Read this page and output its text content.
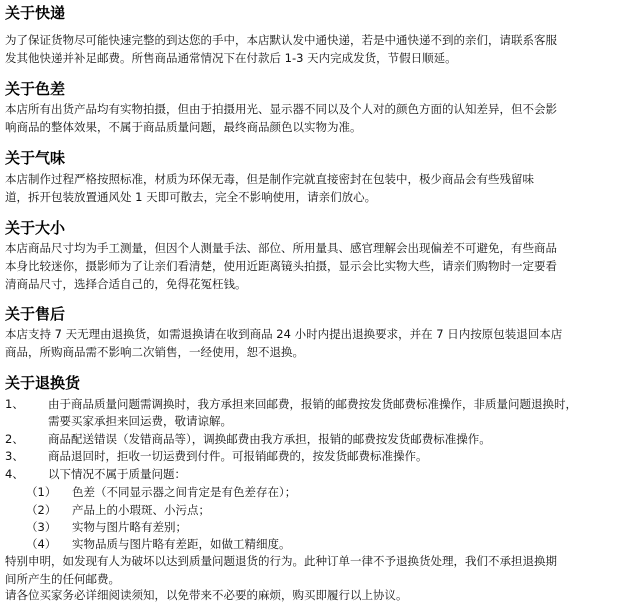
关于快递
为了保证货物尽可能快速完整的到达您的手中，本店默认发中通快递，若是中通快递不到的亲们，请联系客服
发其他快递并补足邮费。所售商品通常情况下在付款后 1-3 天内完成发货，节假日顺延。
关于色差
本店所有出货产品均有实物拍摄，但由于拍摄用光、显示器不同以及个人对的颜色方面的认知差异，但不会影
响商品的整体效果，不属于商品质量问题，最终商品颜色以实物为准。
关于气味
本店制作过程严格按照标准，材质为环保无毒，但是制作完就直接密封在包装中，极少商品会有些残留味
道，拆开包装放置通风处 1 天即可散去，完全不影响使用，请亲们放心。
关于大小
本店商品尺寸均为手工测量，但因个人测量手法、部位、所用量具、感官理解会出现偏差不可避免，有些商品
本身比较迷你，摄影师为了让亲们看清楚，使用近距离镜头拍摄，显示会比实物大些，请亲们购物时一定要看
清商品尺寸，选择合适自己的，免得花冤枉钱。
关于售后
本店支持 7 天无理由退换货，如需退换请在收到商品 24 小时内提出退换要求，并在 7 日内按原包装退回本店
商品，所购商品需不影响二次销售，一经使用，恕不退换。
关于退换货
1、 由于商品质量问题需调换时，我方承担来回邮费，报销的邮费按发货邮费标准操作，非质量问题退换时，
需要买家承担来回运费，敬请谅解。
2、 商品配送错误（发错商品等），调换邮费由我方承担，报销的邮费按发货邮费标准操作。
3、 商品退回时，拒收一切运费到付件。可报销邮费的，按发货邮费标准操作。
4、 以下情况不属于质量问题：
（1） 色差（不同显示器之间肯定是有色差存在）；
（2） 产品上的小瑕斑、小污点；
（3） 实物与图片略有差别；
（4） 实物品质与图片略有差距，如做工精细度。
特别申明，如发现有人为破坏以达到质量问题退货的行为。此种订单一律不予退换货处理，我们不承担退换期
间所产生的任何邮费。
请各位买家务必详细阅读须知，以免带来不必要的麻烦，购买即履行以上协议。
